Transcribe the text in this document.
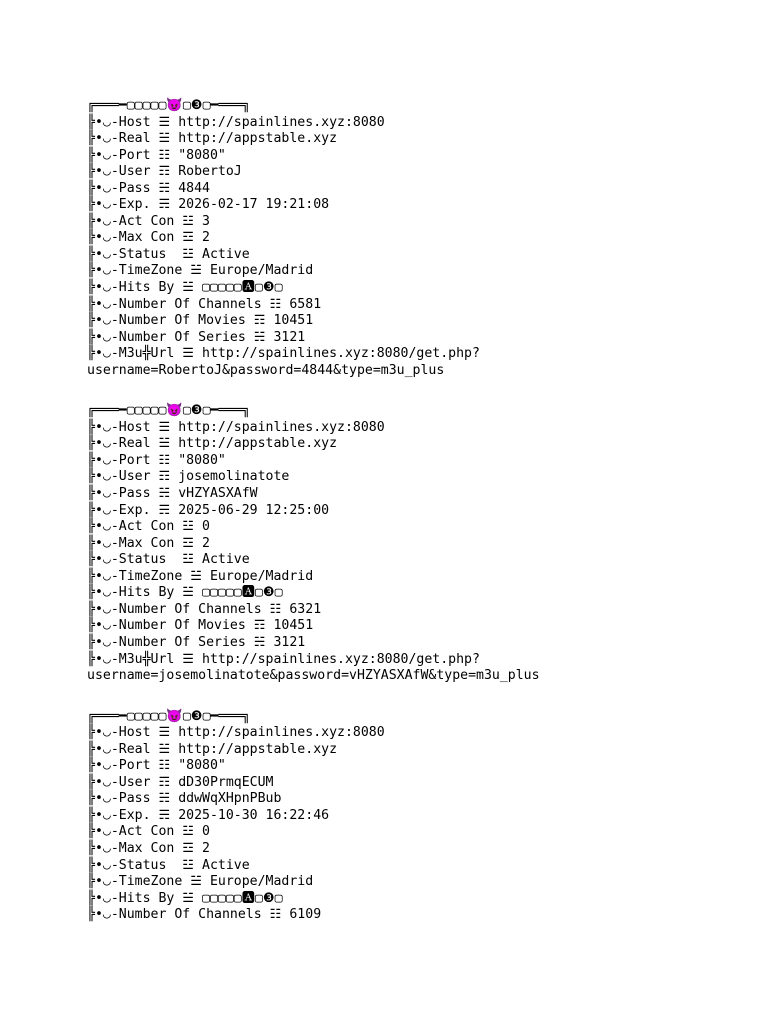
╔═══━▢▢▢▢▢😈▢❸▢━═══╗
╠•◡-Host ☰ http://spainlines.xyz:8080
╠•◡-Real ☱ http://appstable.xyz
╠•◡-Port ☷ "8080"
╠•◡-User ☶ RobertoJ
╠•◡-Pass ☵ 4844
╠•◡-Exp. ☴ 2026-02-17 19:21:08
╠•◡-Act Con ☳ 3
╠•◡-Max Con ☲ 2
╠•◡-Status  ☳ Active
╠•◡-TimeZone ☱ Europe/Madrid
╠•◡-Hits By ☱ ▢▢▢▢▢🅰▢❸▢
╠•◡-Number Of Channels ☷ 6581
╠•◡-Number Of Movies ☶ 10451
╠•◡-Number Of Series ☵ 3121
╠•◡-M3u╬Url ☰ http://spainlines.xyz:8080/get.php?
username=RobertoJ&password=4844&type=m3u_plus
╔═══━▢▢▢▢▢😈▢❸▢━═══╗
╠•◡-Host ☰ http://spainlines.xyz:8080
╠•◡-Real ☱ http://appstable.xyz
╠•◡-Port ☷ "8080"
╠•◡-User ☶ josemolinatote
╠•◡-Pass ☵ vHZYASXAfW
╠•◡-Exp. ☴ 2025-06-29 12:25:00
╠•◡-Act Con ☳ 0
╠•◡-Max Con ☲ 2
╠•◡-Status  ☳ Active
╠•◡-TimeZone ☱ Europe/Madrid
╠•◡-Hits By ☱ ▢▢▢▢▢🅰▢❸▢
╠•◡-Number Of Channels ☷ 6321
╠•◡-Number Of Movies ☶ 10451
╠•◡-Number Of Series ☵ 3121
╠•◡-M3u╬Url ☰ http://spainlines.xyz:8080/get.php?
username=josemolinatote&password=vHZYASXAfW&type=m3u_plus
╔═══━▢▢▢▢▢😈▢❸▢━═══╗
╠•◡-Host ☰ http://spainlines.xyz:8080
╠•◡-Real ☱ http://appstable.xyz
╠•◡-Port ☷ "8080"
╠•◡-User ☶ dD30PrmqECUM
╠•◡-Pass ☵ ddwWqXHpnPBub
╠•◡-Exp. ☴ 2025-10-30 16:22:46
╠•◡-Act Con ☳ 0
╠•◡-Max Con ☲ 2
╠•◡-Status  ☳ Active
╠•◡-TimeZone ☱ Europe/Madrid
╠•◡-Hits By ☱ ▢▢▢▢▢🅰▢❸▢
╠•◡-Number Of Channels ☷ 6109
